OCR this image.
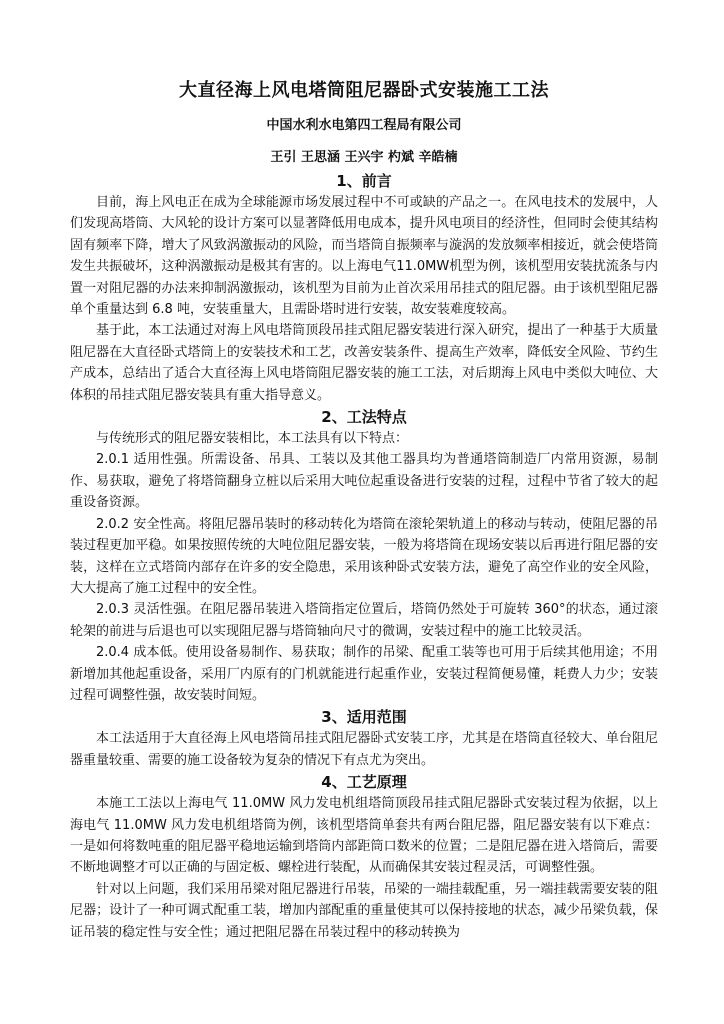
大直径海上风电塔筒阻尼器卧式安装施工工法
中国水利水电第四工程局有限公司
王引 王思涵 王兴宇 杓斌 辛皓楠
1、前言

目前，海上风电正在成为全球能源市场发展过程中不可或缺的产品之一。在风电技术的发展中，人们发现高塔筒、大风轮的设计方案可以显著降低用电成本，提升风电项目的经济性，但同时会使其结构固有频率下降，增大了风致涡激振动的风险，而当塔筒自振频率与漩涡的发放频率相接近，就会使塔筒发生共振破坏，这种涡激振动是极其有害的。以上海电气11.0MW机型为例，该机型用安装扰流条与内置一对阻尼器的办法来抑制涡激振动，该机型为目前为止首次采用吊挂式的阻尼器。由于该机型阻尼器单个重量达到 6.8 吨，安装重量大，且需卧塔时进行安装，故安装难度较高。

基于此，本工法通过对海上风电塔筒顶段吊挂式阻尼器安装进行深入研究，提出了一种基于大质量阻尼器在大直径卧式塔筒上的安装技术和工艺，改善安装条件、提高生产效率，降低安全风险、节约生产成本，总结出了适合大直径海上风电塔筒阻尼器安装的施工工法，对后期海上风电中类似大吨位、大体积的吊挂式阻尼器安装具有重大指导意义。

2、工法特点

与传统形式的阻尼器安装相比，本工法具有以下特点：

2.0.1 适用性强。所需设备、吊具、工装以及其他工器具均为普通塔筒制造厂内常用资源，易制作、易获取，避免了将塔筒翻身立桩以后采用大吨位起重设备进行安装的过程，过程中节省了较大的起重设备资源。

2.0.2 安全性高。将阻尼器吊装时的移动转化为塔筒在滚轮架轨道上的移动与转动，使阻尼器的吊装过程更加平稳。如果按照传统的大吨位阻尼器安装，一般为将塔筒在现场安装以后再进行阻尼器的安装，这样在立式塔筒内部存在许多的安全隐患，采用该种卧式安装方法，避免了高空作业的安全风险，大大提高了施工过程中的安全性。

2.0.3 灵活性强。在阻尼器吊装进入塔筒指定位置后，塔筒仍然处于可旋转 360°的状态，通过滚轮架的前进与后退也可以实现阻尼器与塔筒轴向尺寸的微调，安装过程中的施工比较灵活。

2.0.4 成本低。使用设备易制作、易获取；制作的吊梁、配重工装等也可用于后续其他用途；不用新增加其他起重设备，采用厂内原有的门机就能进行起重作业，安装过程简便易懂，耗费人力少；安装过程可调整性强，故安装时间短。

3、适用范围

本工法适用于大直径海上风电塔筒吊挂式阻尼器卧式安装工序，尤其是在塔筒直径较大、单台阻尼器重量较重、需要的施工设备较为复杂的情况下有点尤为突出。

4、工艺原理

本施工工法以上海电气 11.0MW 风力发电机组塔筒顶段吊挂式阻尼器卧式安装过程为依据，以上海电气 11.0MW 风力发电机组塔筒为例，该机型塔筒单套共有两台阻尼器，阻尼器安装有以下难点：一是如何将数吨重的阻尼器平稳地运输到塔筒内部距筒口数米的位置；二是阻尼器在进入塔筒后，需要不断地调整才可以正确的与固定板、螺栓进行装配，从而确保其安装过程灵活，可调整性强。

针对以上问题，我们采用吊梁对阻尼器进行吊装，吊梁的一端挂载配重，另一端挂载需要安装的阻尼器；设计了一种可调式配重工装，增加内部配重的重量使其可以保持接地的状态，减少吊梁负载，保证吊装的稳定性与安全性；通过把阻尼器在吊装过程中的移动转换为
